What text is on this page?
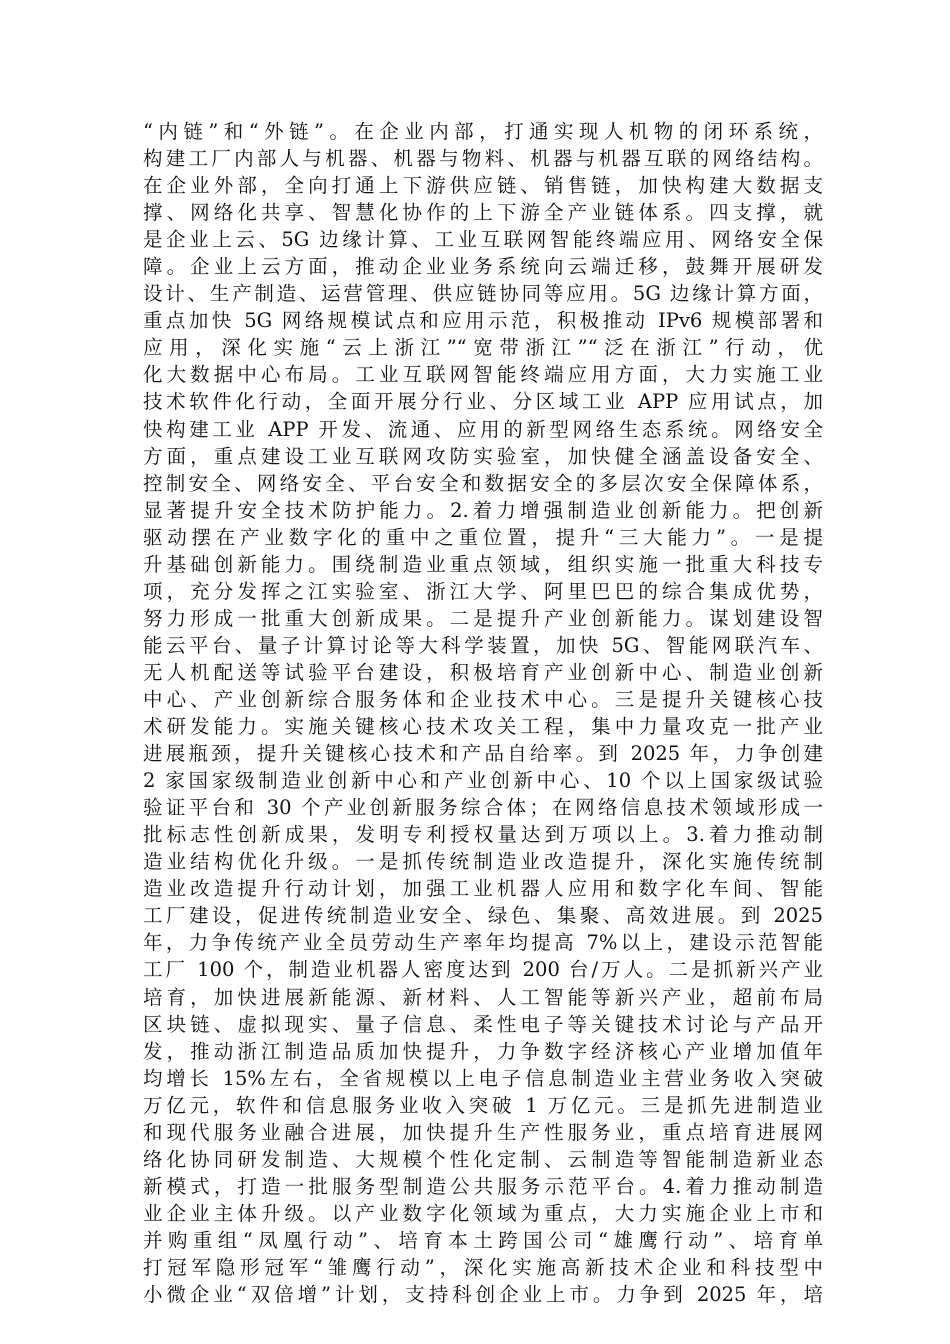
“内链”和“外链”。在企业内部，打通实现人机物的闭环系统，
构建工厂内部人与机器、机器与物料、机器与机器互联的网络结构。
在企业外部，全向打通上下游供应链、销售链，加快构建大数据支
撑、网络化共享、智慧化协作的上下游全产业链体系。四支撑，就
是企业上云、5G 边缘计算、工业互联网智能终端应用、网络安全保
障。企业上云方面，推动企业业务系统向云端迁移，鼓舞开展研发
设计、生产制造、运营管理、供应链协同等应用。5G 边缘计算方面，
重点加快 5G 网络规模试点和应用示范，积极推动 IPv6 规模部署和
应用，深化实施“云上浙江”“宽带浙江”“泛在浙江”行动，优
化大数据中心布局。工业互联网智能终端应用方面，大力实施工业
技术软件化行动，全面开展分行业、分区域工业 APP 应用试点，加
快构建工业 APP 开发、流通、应用的新型网络生态系统。网络安全
方面，重点建设工业互联网攻防实验室，加快健全涵盖设备安全、
控制安全、网络安全、平台安全和数据安全的多层次安全保障体系，
显著提升安全技术防护能力。2.着力增强制造业创新能力。把创新
驱动摆在产业数字化的重中之重位置，提升“三大能力”。一是提
升基础创新能力。围绕制造业重点领域，组织实施一批重大科技专
项，充分发挥之江实验室、浙江大学、阿里巴巴的综合集成优势，
努力形成一批重大创新成果。二是提升产业创新能力。谋划建设智
能云平台、量子计算讨论等大科学装置，加快 5G、智能网联汽车、
无人机配送等试验平台建设，积极培育产业创新中心、制造业创新
中心、产业创新综合服务体和企业技术中心。三是提升关键核心技
术研发能力。实施关键核心技术攻关工程，集中力量攻克一批产业
进展瓶颈，提升关键核心技术和产品自给率。到 2025 年，力争创建
2 家国家级制造业创新中心和产业创新中心、10 个以上国家级试验
验证平台和 30 个产业创新服务综合体；在网络信息技术领域形成一
批标志性创新成果，发明专利授权量达到万项以上。3.着力推动制
造业结构优化升级。一是抓传统制造业改造提升，深化实施传统制
造业改造提升行动计划，加强工业机器人应用和数字化车间、智能
工厂建设，促进传统制造业安全、绿色、集聚、高效进展。到 2025
年，力争传统产业全员劳动生产率年均提高 7%以上，建设示范智能
工厂 100 个，制造业机器人密度达到 200 台/万人。二是抓新兴产业
培育，加快进展新能源、新材料、人工智能等新兴产业，超前布局
区块链、虚拟现实、量子信息、柔性电子等关键技术讨论与产品开
发，推动浙江制造品质加快提升，力争数字经济核心产业增加值年
均增长 15%左右，全省规模以上电子信息制造业主营业务收入突破
万亿元，软件和信息服务业收入突破 1 万亿元。三是抓先进制造业
和现代服务业融合进展，加快提升生产性服务业，重点培育进展网
络化协同研发制造、大规模个性化定制、云制造等智能制造新业态
新模式，打造一批服务型制造公共服务示范平台。4.着力推动制造
业企业主体升级。以产业数字化领域为重点，大力实施企业上市和
并购重组“凤凰行动”、培育本土跨国公司“雄鹰行动”、培育单
打冠军隐形冠军“雏鹰行动”，深化实施高新技术企业和科技型中
小微企业“双倍增”计划，支持科创企业上市。力争到 2025 年，培
